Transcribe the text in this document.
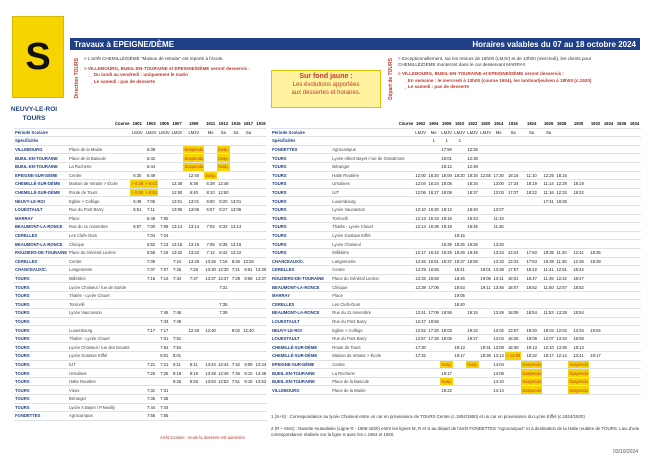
S	Travaux à EPEIGNE/DÈME	Horaires valables du 07 au 18 octobre 2024
Direction TOURS	Départ de TOURS
> L'arrêt CHEMILLÉ/DÈME "Maison de retraite" est reporté à l'école.
> VILLEBOURG, BUEIL-EN-TOURAINE et EPEIGNE/DÈME seront desservis :
_ Du lundi au vendredi : uniquement le matin
_ Le samedi : pas de desserte
Sur fond jaune :
Les évolutions apportées
aux dessertes et horaires.
> Exceptionnellement, sur les retours de 18h00 (LMJV) et de 13h00 (mercredi), les clients pour
CHEMILLÉ/DÈME monteront dans le car desservant MARRAY.
> VILLEBOURG, BUEIL-EN-TOURAINE et EPEIGNE/DÈME seront desservis :
_ En semaine : le mercredi à 13h00 (course 1904), les lun/mar/jeu/ven à 18h00 (c.1920)
_ Le samedi : pas de desserte
NEUVY-LE-ROI
TOURS
Course		1901	1903	1905	1907	1909	1911	1913	1915	1917	1919
Période Scolaire		LMJV	LMJV	LMJV	LMJV	LMJV	Me	Sa	Sa	Sa	
Spécificités											
VILLEBOURG	Place de la Mairie		6:38			Suspendu		Susp.			
BUEIL-EN-TOURAINE	Place de la Bascule		6:42			Suspendu		Susp.			
BUEIL-EN-TOURAINE	La Rocherie		6:44			Suspendu		Susp.			
EPEIGNE-SUR-DÈME	Centre	6:30	6:49			12:40	Susp.				
CHEMILLÉ-SUR-DÈME	Maison de retraite > École	> 6:38	> 6:42		12:48	6:38	6:38	12:48			
CHEMILLÉ-SUR-DÈME	Route de Tours	> 6:50	> 6:50		12:50	6:40	8:10	12:50			
NEUVY-LE-ROI	Eglise > Collège	6:48	7:06		13:01	13:01	6:50	8:20	13:01		
LOUESTAULT	Rue du Pont Barry	6:51	7:11		13:06	13:06	6:57	8:27	13:06		
MARRAY	Place		6:48	7:00							
BEAUMONT-LA-RONCE	Rue du 11 novembre	6:57	7:00	7:09	13:14	13:14	7:02	8:32	13:14		
CERELLES	Les Clufs-Ours		7:04	7:24							
BEAUMONT-LA-RONCE	Clinique		6:52	7:13	13:16	13:16	7:05	8:35	13:16		
ROUZIERS-DE-TOURAINE	Place du Général Leclerc		6:58	7:19	13:22	13:22	7:12	8:42	13:22		
CERELLES	Centre		7:09		7:24	13:26	13:26	7:16	8:46	13:26	
CHANCEAUX/C.	Langennerie		7:07	7:07	7:26	7:28	13:30	13:30	7:21	8:51	13:30
TOURS	Millétière		7:16	7:14	7:34	7:37	13:37	13:37	7:29	8:59	13:37
TOURS	Lycée Choiseul / rue de Suède							7:31			
TOURS	Thalès - Lycée Clouet										
TOURS	Torricelli							7:35			
TOURS	Lycée Vaucanson			7:46	7:46			7:39			
TOURS				7:43	7:48						
TOURS	Luxembourg		7:17	7:17		12:40	12:40		9:02	12:40	
TOURS	Thalès - Lycée Clouet			7:31	7:51						
TOURS	Lycée Choiseul / rue des Douets			7:54	7:54						
TOURS	Lycée Gustave Eiffel			8:01	8:01						
TOURS	IUT		7:21	7:21	8:11	8:11	13:44	13:44	7:42	9:09	13:44
TOURS	Ursulines		7:25	7:25	8:18	8:18	13:48	13:48	7:46	9:10	13:48
TOURS	Halte Routière				8:25	8:25	13:53	13:53	7:51	9:15	13:53
TOURS	Vieux		7:31	7:31							
TOURS	Béranger		7:35	7:35							
TOURS	Lycée A.Bayet / P.Neuilly		7:44	7:44							
FONDETTES	Agrocampus		7:55	7:55							
Arrêt scolaire : seule la desserte est autorisée
Course		1902	1904	1906	1910	1922	1920	1914	1916	1924	1926	1928	1930	1932	1934	1936	1934
Période Scolaire		LMJV	Me	LMJV	LMJV	LMJV	LMJV	Me	Sa	Sa	Sa						
Spécificités			1	1	2												
FONDETTES	Agrocampus			17:50		12:25											
TOURS	Lycée Albert Bayet / rue de Grandmont			18:01		12:36											
TOURS	Béranger			18:13		12:48											
TOURS	Halte Routière	12:00	16:20	18:00	18:20	18:30	12:55	17:30	18:15	11:10	12:25	18:15					
TOURS	Ursulines	12:04	16:24	18:05		18:34		13:00	17:34	18:19	11:14	12:29	18:19				
TOURS	IUT	12:06	16:27	18:09		18:37		13:03	17:37	18:22	11:16	12:32	18:22				
TOURS	Luxembourg										17:41	18:26					
TOURS	Lycée Vaucanson	12:10	16:30	18:13		18:40		13:07									
TOURS	Torricelli	12:13	16:33	18:16		18:43		11:23									
TOURS	Thalès - Lycée Clouet	12:14	16:36	18:19		18:45		11:26									
TOURS	Lycée Gustave Eiffel				18:15												
TOURS	Lycée Choiseul			16:39	18:25	18:25		13:20									
TOURS	Millétière	12:17	16:43	18:29	18:29	18:49		13:24	13:24	17:50	18:35	11:30	12:41	18:35			
CHANCEAUX/C.	Langennerie	12:26	16:51	18:37	18:37	18:58		13:33	13:33	17:53	18:39	11:36	12:35	18:39			
CERELLES	Centre	12:29	16:55		18:41		19:01	13:38	17:57	18:42	11:41	12:51	18:42				
ROUZIERS-DE-TOURAINE	Place du Général Leclerc	12:33	16:59		18:46		19:06	13:41	18:01	18:47	11:45	12:42	18:47				
BEAUMONT-LA-RONCE	Clinique	12:38	17:06		18:53		19:11	13:46	18:07	18:52	11:50	12:57	18:52				
MARRAY	Place				19:05												
CERELLES	Les Clufs-Ours				18:40												
BEAUMONT-LA-RONCE	Rue du 11 novembre	12:41	17:09	18:56		19:15		13:49	18:09	18:54	11:53	13:28	18:54				
LOUESTAULT	Rue du Pont Barry	12:47	18:56														
NEUVY-LE-ROI	Eglise > Collège	12:52	17:20	19:03		19:22		13:02	13:57	18:20	19:04	12:02	13:34	19:04			
LOUESTAULT	Rue du Pont Barry	12:57	17:26	19:08		19:27		13:04	18:26	19:08	12:07	13:34	19:08				
CHEMILLÉ-SUR-DÈME	Route de Tours	17:30			19:13		19:31	13:08	18:30	19:13	12:10	13:36	19:13				
CHEMILLÉ-SUR-DÈME	Maison de retraite > École	17:32			19:17		19:35	13:14	> 14:00	18:32	19:17	12:14	13:41	19:17			
EPEIGNE-SUR-DÈME	Centre			Susp.		Susp.		14:04		Suspendu			Suspendu				
BUEIL-EN-TOURAINE	La Rocherie			19:17				14:08		Suspendu			Suspendu				
BUEIL-EN-TOURAINE	Place de la Bascule			Susp.				14:10		Suspendu			Suspendu				
VILLEBOURG	Place de la Mairie			19:22				14:14		Suspendu			Suspendu				
1 (S+S) : Correspondance au lycée Choiseul entre un car en provenance de TOURS Centre (c.1904/1950) et un car en provenance du Lycée Eiffel (c.1924/1920)
2 (R + MvS) : Navette mutualisée (Ligne R - 1806-1820) entre les lignes M, R et S au départ de l'arrêt FONDETTES "Agrocampus" et à destination de la Halte routière de TOURS. Lieu d'une correspondance réalisée sur la ligne S avec les c.1904 et 1920.
03/10/2024
